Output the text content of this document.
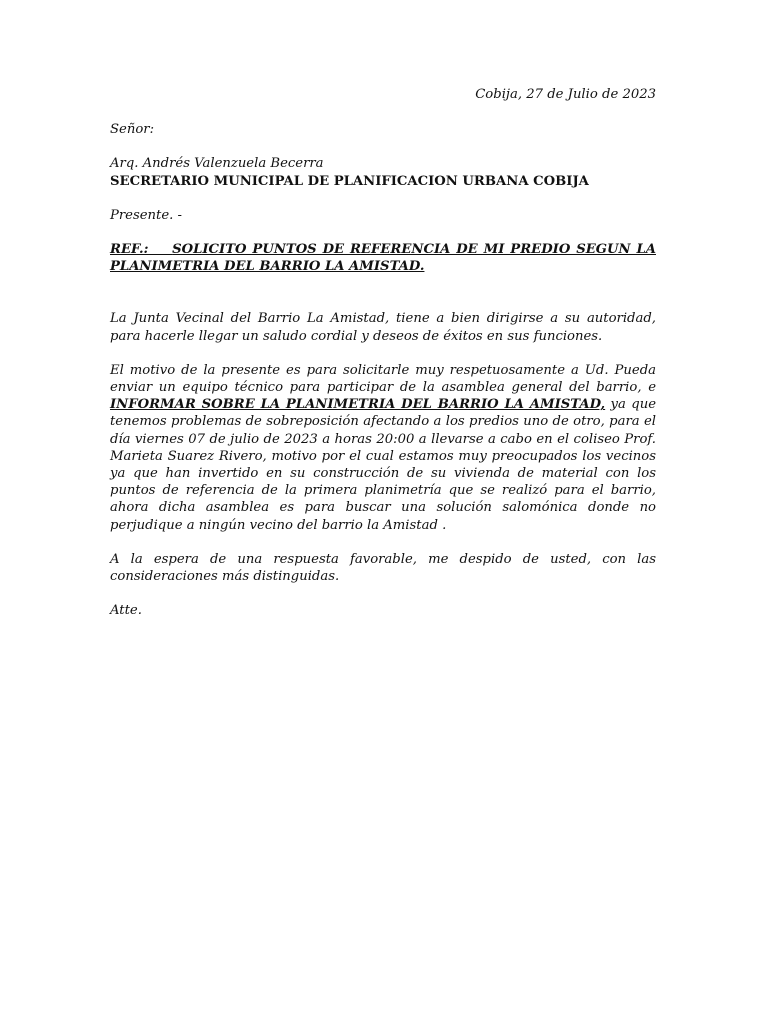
Cobija, 27 de Julio de 2023

Señor:

Arq. Andrés Valenzuela Becerra

SECRETARIO MUNICIPAL DE PLANIFICACION URBANA COBIJA

Presente. -

REF.: SOLICITO PUNTOS DE REFERENCIA DE MI PREDIO SEGUN LA PLANIMETRIA DEL BARRIO LA AMISTAD.

La Junta Vecinal del Barrio La Amistad, tiene a bien dirigirse a su autoridad, para hacerle llegar un saludo cordial y deseos de éxitos en sus funciones.

El motivo de la presente es para solicitarle muy respetuosamente a Ud. Pueda enviar un equipo técnico para participar de la asamblea general del barrio, e INFORMAR SOBRE LA PLANIMETRIA DEL BARRIO LA AMISTAD, ya que tenemos problemas de sobreposición afectando a los predios uno de otro, para el día viernes 07 de julio de 2023 a horas 20:00 a llevarse a cabo en el coliseo Prof. Marieta Suarez Rivero, motivo por el cual estamos muy preocupados los vecinos ya que han invertido en su construcción de su vivienda de material con los puntos de referencia de la primera planimetría que se realizó para el barrio, ahora dicha asamblea es para buscar una solución salomónica donde no perjudique a ningún vecino del barrio la Amistad .

A la espera de una respuesta favorable, me despido de usted, con las consideraciones más distinguidas.

Atte.
